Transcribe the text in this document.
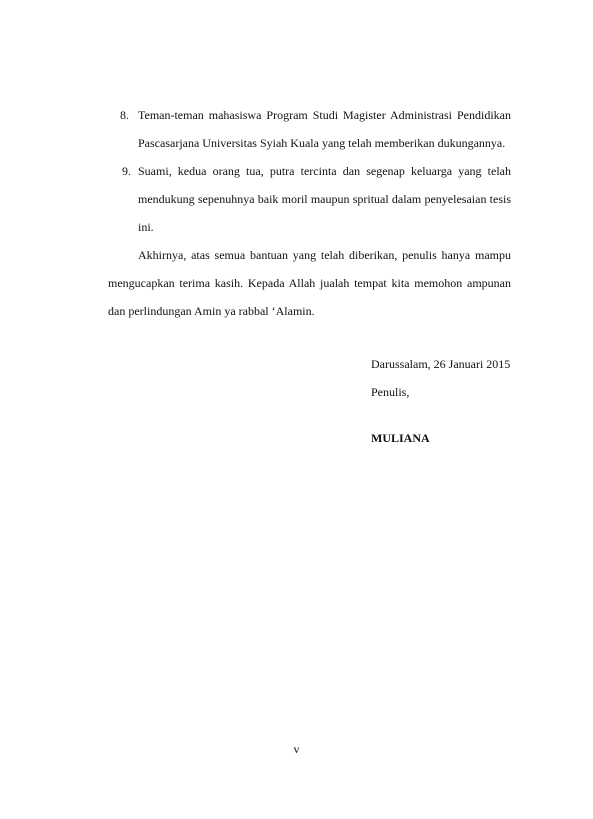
8. Teman-teman mahasiswa Program Studi Magister Administrasi Pendidikan Pascasarjana Universitas Syiah Kuala yang telah memberikan dukungannya.
9. Suami, kedua orang tua, putra tercinta dan segenap keluarga yang telah mendukung sepenuhnya baik moril maupun spritual dalam penyelesaian tesis ini.

Akhirnya, atas semua bantuan yang telah diberikan, penulis hanya mampu mengucapkan terima kasih. Kepada Allah jualah tempat kita memohon ampunan dan perlindungan Amin ya rabbal ‘Alamin.

Darussalam, 26 Januari 2015
Penulis,
MULIANA
v
